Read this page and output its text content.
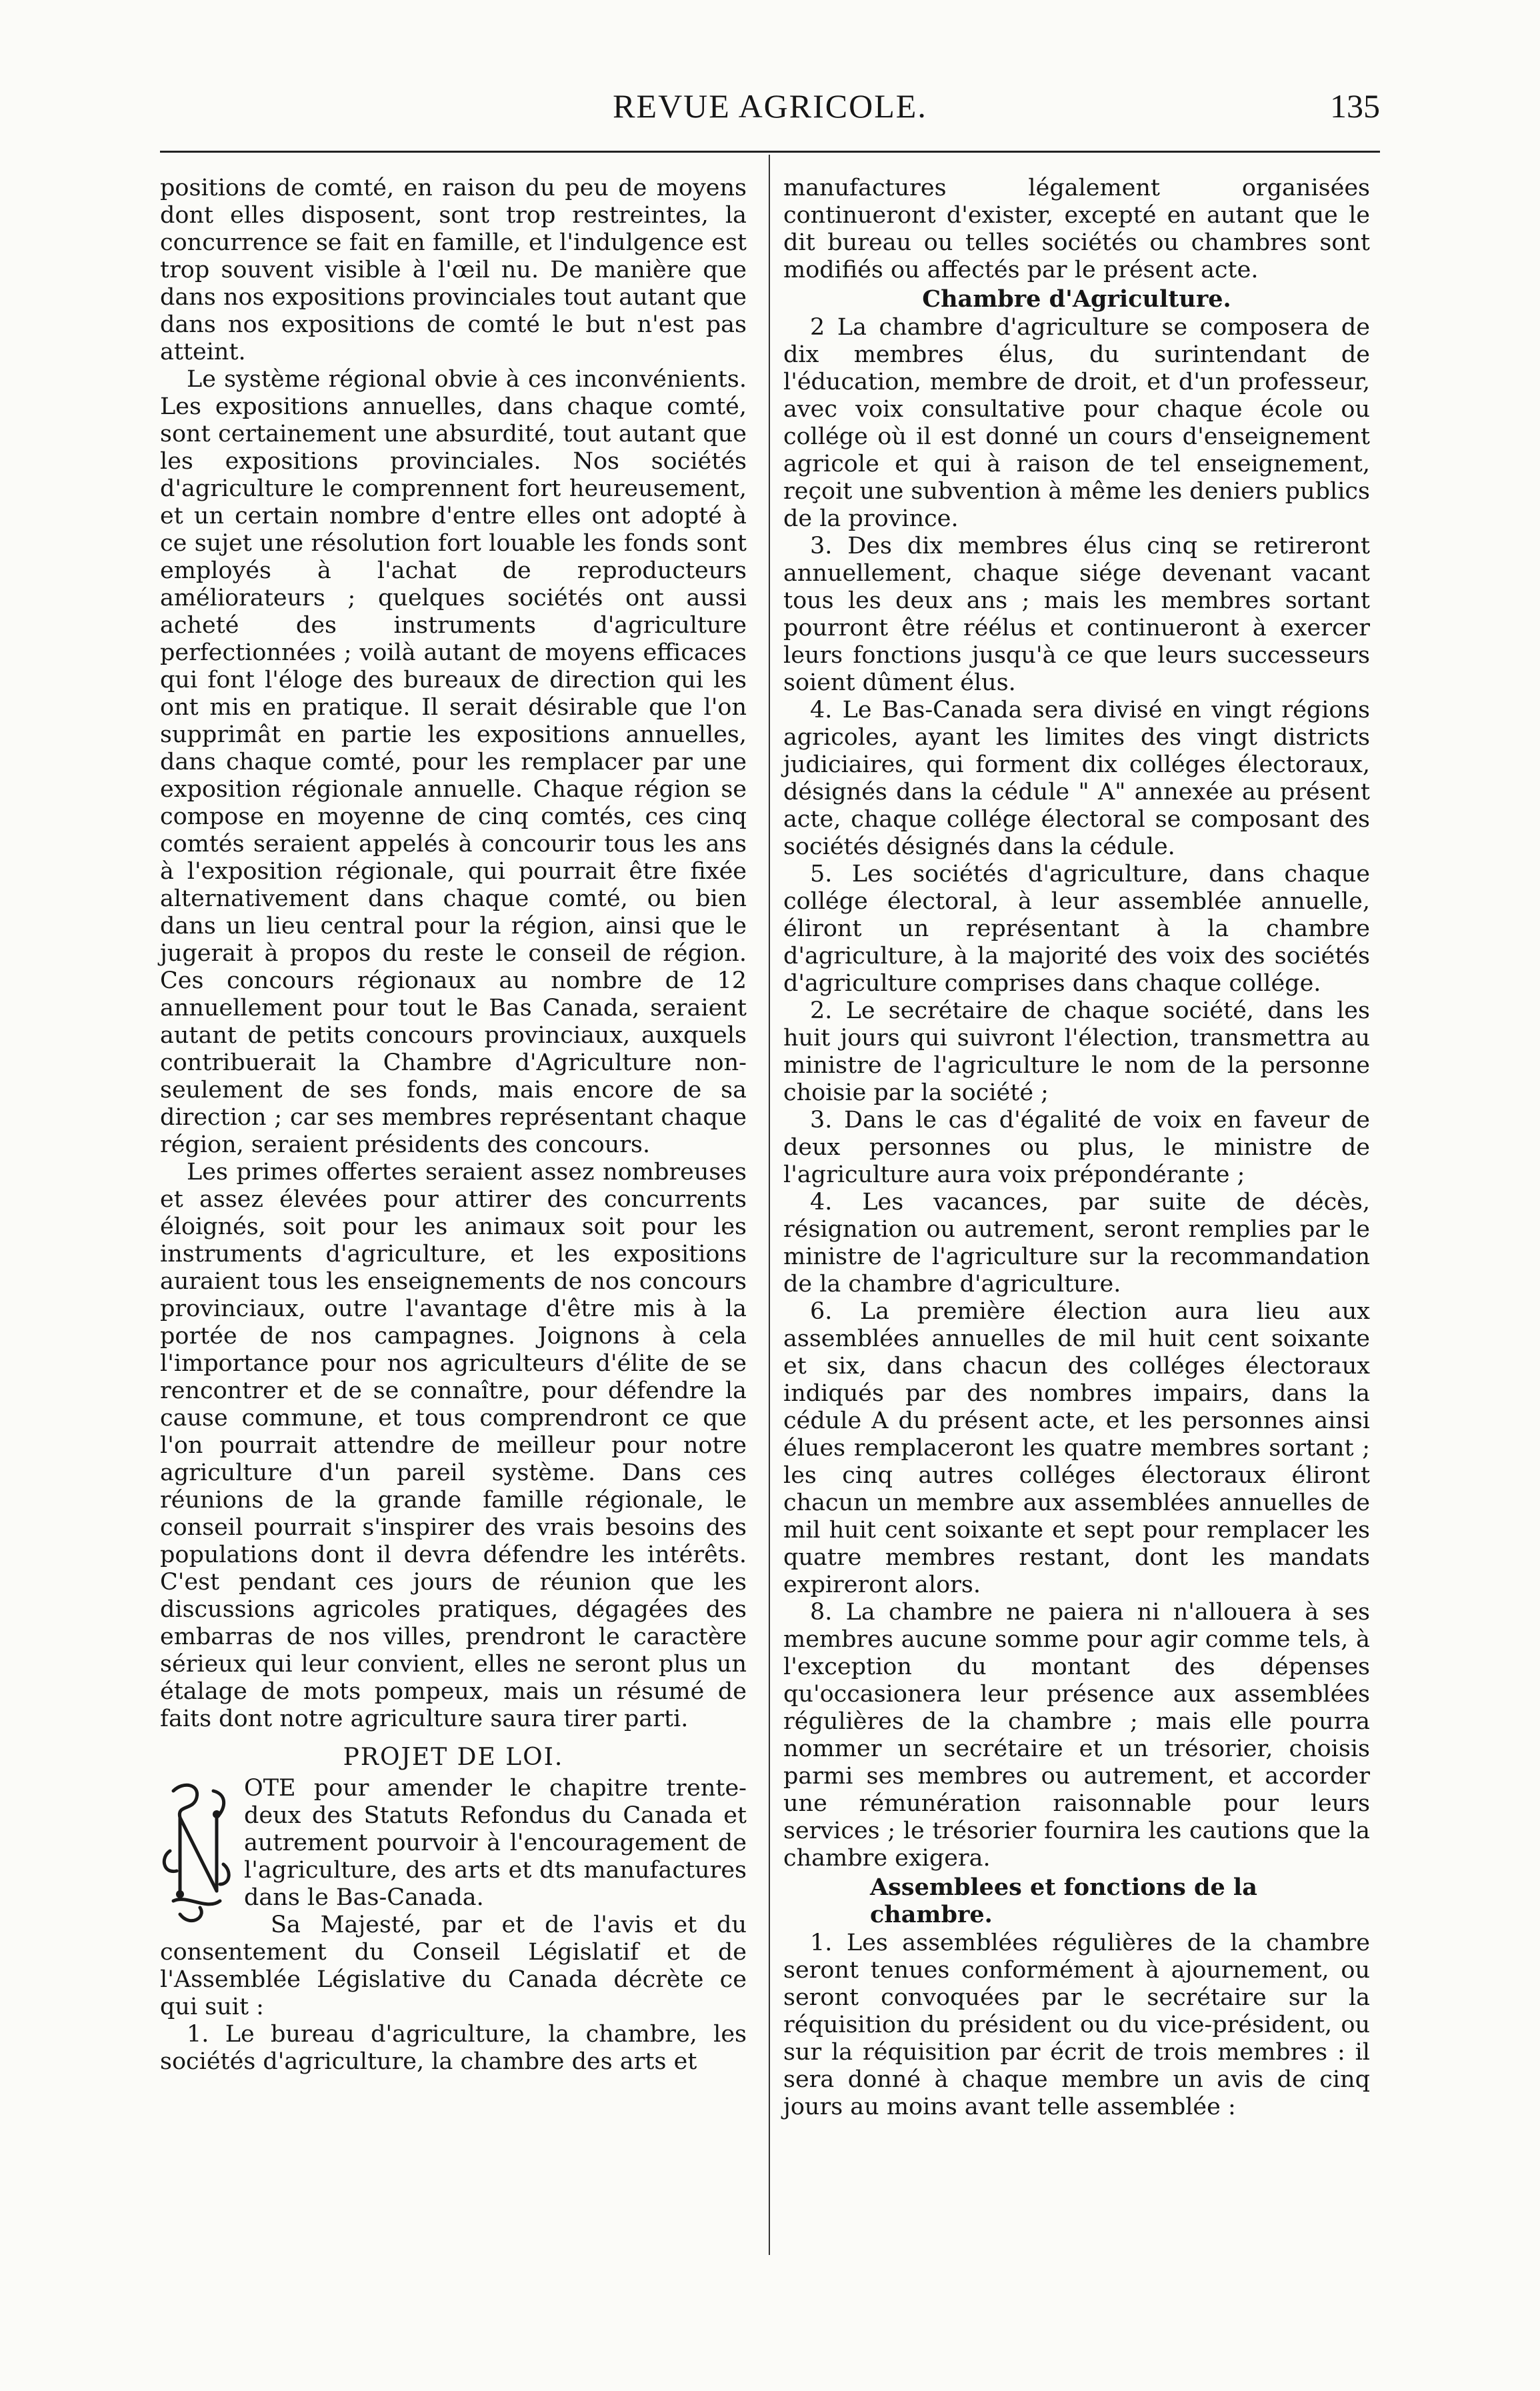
REVUE AGRICOLE.	135

positions de comté, en raison du peu de moyens dont elles disposent, sont trop restreintes, la concurrence se fait en famille, et l'indulgence est trop souvent visible à l'œil nu. De manière que dans nos expositions provinciales tout autant que dans nos expositions de comté le but n'est pas atteint.

Le système régional obvie à ces inconvénients. Les expositions annuelles, dans chaque comté, sont certainement une absurdité, tout autant que les expositions provinciales. Nos sociétés d'agriculture le comprennent fort heureusement, et un certain nombre d'entre elles ont adopté à ce sujet une résolution fort louable les fonds sont employés à l'achat de reproducteurs améliorateurs ; quelques sociétés ont aussi acheté des instruments d'agriculture perfectionnées ; voilà autant de moyens efficaces qui font l'éloge des bureaux de direction qui les ont mis en pratique. Il serait désirable que l'on supprimât en partie les expositions annuelles, dans chaque comté, pour les remplacer par une exposition régionale annuelle. Chaque région se compose en moyenne de cinq comtés, ces cinq comtés seraient appelés à concourir tous les ans à l'exposition régionale, qui pourrait être fixée alternativement dans chaque comté, ou bien dans un lieu central pour la région, ainsi que le jugerait à propos du reste le conseil de région. Ces concours régionaux au nombre de 12 annuellement pour tout le Bas Canada, seraient autant de petits concours provinciaux, auxquels contribuerait la Chambre d'Agriculture non-seulement de ses fonds, mais encore de sa direction ; car ses membres représentant chaque région, seraient présidents des concours.

Les primes offertes seraient assez nombreuses et assez élevées pour attirer des concurrents éloignés, soit pour les animaux soit pour les instruments d'agriculture, et les expositions auraient tous les enseignements de nos concours provinciaux, outre l'avantage d'être mis à la portée de nos campagnes. Joignons à cela l'importance pour nos agriculteurs d'élite de se rencontrer et de se connaître, pour défendre la cause commune, et tous comprendront ce que l'on pourrait attendre de meilleur pour notre agriculture d'un pareil système. Dans ces réunions de la grande famille régionale, le conseil pourrait s'inspirer des vrais besoins des populations dont il devra défendre les intérêts. C'est pendant ces jours de réunion que les discussions agricoles pratiques, dégagées des embarras de nos villes, prendront le caractère sérieux qui leur convient, elles ne seront plus un étalage de mots pompeux, mais un résumé de faits dont notre agriculture saura tirer parti.

PROJET DE LOI.

OTE pour amender le chapitre trente-deux des Statuts Refondus du Canada et autrement pourvoir à l'encouragement de l'agriculture, des arts et dts manufactures dans le Bas-Canada.

Sa Majesté, par et de l'avis et du consentement du Conseil Législatif et de l'Assemblée Législative du Canada décrète ce qui suit :

1. Le bureau d'agriculture, la chambre, les sociétés d'agriculture, la chambre des arts et

manufactures légalement organisées continueront d'exister, excepté en autant que le dit bureau ou telles sociétés ou chambres sont modifiés ou affectés par le présent acte.

Chambre d'Agriculture.

2 La chambre d'agriculture se composera de dix membres élus, du surintendant de l'éducation, membre de droit, et d'un professeur, avec voix consultative pour chaque école ou collége où il est donné un cours d'enseignement agricole et qui à raison de tel enseignement, reçoit une subvention à même les deniers publics de la province.

3. Des dix membres élus cinq se retireront annuellement, chaque siége devenant vacant tous les deux ans ; mais les membres sortant pourront être réélus et continueront à exercer leurs fonctions jusqu'à ce que leurs successeurs soient dûment élus.

4. Le Bas-Canada sera divisé en vingt régions agricoles, ayant les limites des vingt districts judiciaires, qui forment dix colléges électoraux, désignés dans la cédule " A" annexée au présent acte, chaque collége électoral se composant des sociétés désignés dans la cédule.

5. Les sociétés d'agriculture, dans chaque collége électoral, à leur assemblée annuelle, éliront un représentant à la chambre d'agriculture, à la majorité des voix des sociétés d'agriculture comprises dans chaque collége.

2. Le secrétaire de chaque société, dans les huit jours qui suivront l'élection, transmettra au ministre de l'agriculture le nom de la personne choisie par la société ;

3. Dans le cas d'égalité de voix en faveur de deux personnes ou plus, le ministre de l'agriculture aura voix prépondérante ;

4. Les vacances, par suite de décès, résignation ou autrement, seront remplies par le ministre de l'agriculture sur la recommandation de la chambre d'agriculture.

6. La première élection aura lieu aux assemblées annuelles de mil huit cent soixante et six, dans chacun des colléges électoraux indiqués par des nombres impairs, dans la cédule A du présent acte, et les personnes ainsi élues remplaceront les quatre membres sortant ; les cinq autres colléges électoraux éliront chacun un membre aux assemblées annuelles de mil huit cent soixante et sept pour remplacer les quatre membres restant, dont les mandats expireront alors.

8. La chambre ne paiera ni n'allouera à ses membres aucune somme pour agir comme tels, à l'exception du montant des dépenses qu'occasionera leur présence aux assemblées régulières de la chambre ; mais elle pourra nommer un secrétaire et un trésorier, choisis parmi ses membres ou autrement, et accorder une rémunération raisonnable pour leurs services ; le trésorier fournira les cautions que la chambre exigera.

Assemblees et fonctions de la chambre.

1. Les assemblées régulières de la chambre seront tenues conformément à ajournement, ou seront convoquées par le secrétaire sur la réquisition du président ou du vice-président, ou sur la réquisition par écrit de trois membres : il sera donné à chaque membre un avis de cinq jours au moins avant telle assemblée :
